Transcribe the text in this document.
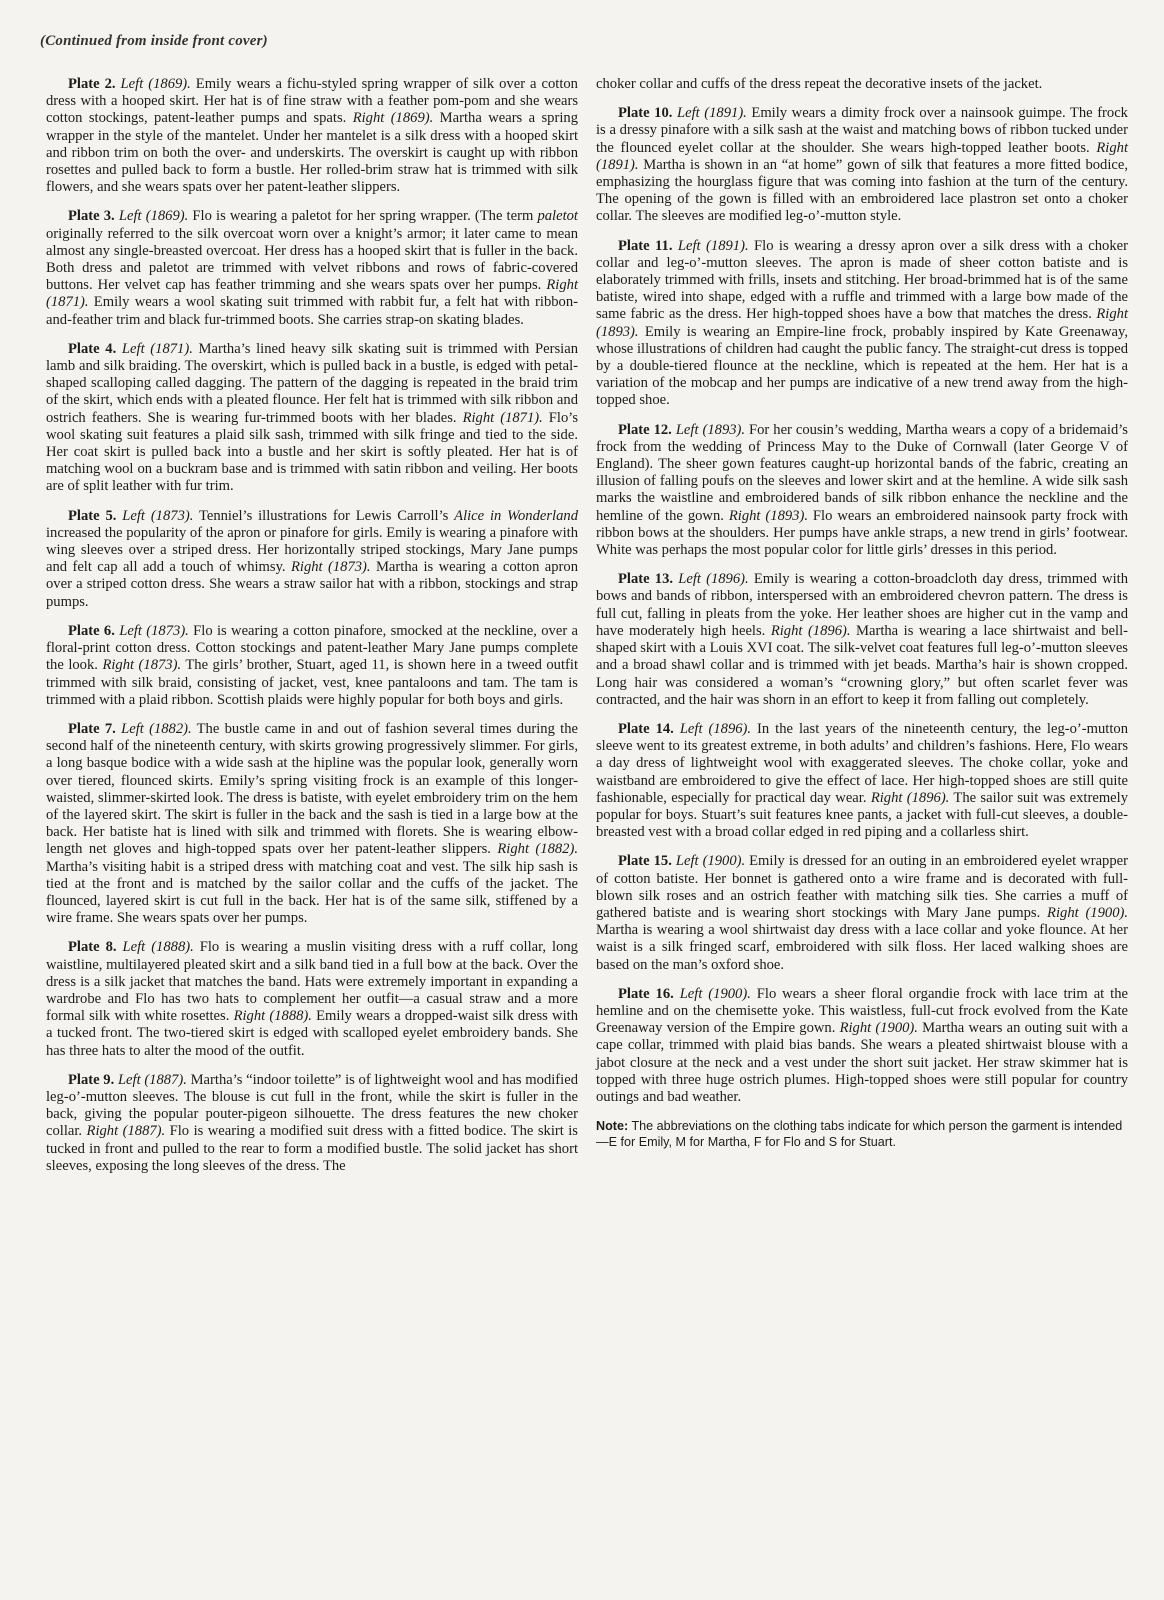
(Continued from inside front cover)

Plate 2. Left (1869). Emily wears a fichu-styled spring wrapper of silk over a cotton dress with a hooped skirt. Her hat is of fine straw with a feather pom-pom and she wears cotton stockings, patent-leather pumps and spats. Right (1869). Martha wears a spring wrapper in the style of the mantelet. Under her mantelet is a silk dress with a hooped skirt and ribbon trim on both the over- and underskirts. The overskirt is caught up with ribbon rosettes and pulled back to form a bustle. Her rolled-brim straw hat is trimmed with silk flowers, and she wears spats over her patent-leather slippers.

Plate 3. Left (1869). Flo is wearing a paletot for her spring wrapper. (The term paletot originally referred to the silk overcoat worn over a knight’s armor; it later came to mean almost any single-breasted overcoat. Her dress has a hooped skirt that is fuller in the back. Both dress and paletot are trimmed with velvet ribbons and rows of fabric-covered buttons. Her velvet cap has feather trimming and she wears spats over her pumps. Right (1871). Emily wears a wool skating suit trimmed with rabbit fur, a felt hat with ribbon-and-feather trim and black fur-trimmed boots. She carries strap-on skating blades.

Plate 4. Left (1871). Martha’s lined heavy silk skating suit is trimmed with Persian lamb and silk braiding. The overskirt, which is pulled back in a bustle, is edged with petal-shaped scalloping called dagging. The pattern of the dagging is repeated in the braid trim of the skirt, which ends with a pleated flounce. Her felt hat is trimmed with silk ribbon and ostrich feathers. She is wearing fur-trimmed boots with her blades. Right (1871). Flo’s wool skating suit features a plaid silk sash, trimmed with silk fringe and tied to the side. Her coat skirt is pulled back into a bustle and her skirt is softly pleated. Her hat is of matching wool on a buckram base and is trimmed with satin ribbon and veiling. Her boots are of split leather with fur trim.

Plate 5. Left (1873). Tenniel’s illustrations for Lewis Carroll’s Alice in Wonderland increased the popularity of the apron or pinafore for girls. Emily is wearing a pinafore with wing sleeves over a striped dress. Her horizontally striped stockings, Mary Jane pumps and felt cap all add a touch of whimsy. Right (1873). Martha is wearing a cotton apron over a striped cotton dress. She wears a straw sailor hat with a ribbon, stockings and strap pumps.

Plate 6. Left (1873). Flo is wearing a cotton pinafore, smocked at the neckline, over a floral-print cotton dress. Cotton stockings and patent-leather Mary Jane pumps complete the look. Right (1873). The girls’ brother, Stuart, aged 11, is shown here in a tweed outfit trimmed with silk braid, consisting of jacket, vest, knee pantaloons and tam. The tam is trimmed with a plaid ribbon. Scottish plaids were highly popular for both boys and girls.

Plate 7. Left (1882). The bustle came in and out of fashion several times during the second half of the nineteenth century, with skirts growing progressively slimmer. For girls, a long basque bodice with a wide sash at the hipline was the popular look, generally worn over tiered, flounced skirts. Emily’s spring visiting frock is an example of this longer-waisted, slimmer-skirted look. The dress is batiste, with eyelet embroidery trim on the hem of the layered skirt. The skirt is fuller in the back and the sash is tied in a large bow at the back. Her batiste hat is lined with silk and trimmed with florets. She is wearing elbow-length net gloves and high-topped spats over her patent-leather slippers. Right (1882). Martha’s visiting habit is a striped dress with matching coat and vest. The silk hip sash is tied at the front and is matched by the sailor collar and the cuffs of the jacket. The flounced, layered skirt is cut full in the back. Her hat is of the same silk, stiffened by a wire frame. She wears spats over her pumps.

Plate 8. Left (1888). Flo is wearing a muslin visiting dress with a ruff collar, long waistline, multilayered pleated skirt and a silk band tied in a full bow at the back. Over the dress is a silk jacket that matches the band. Hats were extremely important in expanding a wardrobe and Flo has two hats to complement her outfit—a casual straw and a more formal silk with white rosettes. Right (1888). Emily wears a dropped-waist silk dress with a tucked front. The two-tiered skirt is edged with scalloped eyelet embroidery bands. She has three hats to alter the mood of the outfit.

Plate 9. Left (1887). Martha’s “indoor toilette” is of lightweight wool and has modified leg-o’-mutton sleeves. The blouse is cut full in the front, while the skirt is fuller in the back, giving the popular pouter-pigeon silhouette. The dress features the new choker collar. Right (1887). Flo is wearing a modified suit dress with a fitted bodice. The skirt is tucked in front and pulled to the rear to form a modified bustle. The solid jacket has short sleeves, exposing the long sleeves of the dress. The

choker collar and cuffs of the dress repeat the decorative insets of the jacket.

Plate 10. Left (1891). Emily wears a dimity frock over a nainsook guimpe. The frock is a dressy pinafore with a silk sash at the waist and matching bows of ribbon tucked under the flounced eyelet collar at the shoulder. She wears high-topped leather boots. Right (1891). Martha is shown in an “at home” gown of silk that features a more fitted bodice, emphasizing the hourglass figure that was coming into fashion at the turn of the century. The opening of the gown is filled with an embroidered lace plastron set onto a choker collar. The sleeves are modified leg-o’-mutton style.

Plate 11. Left (1891). Flo is wearing a dressy apron over a silk dress with a choker collar and leg-o’-mutton sleeves. The apron is made of sheer cotton batiste and is elaborately trimmed with frills, insets and stitching. Her broad-brimmed hat is of the same batiste, wired into shape, edged with a ruffle and trimmed with a large bow made of the same fabric as the dress. Her high-topped shoes have a bow that matches the dress. Right (1893). Emily is wearing an Empire-line frock, probably inspired by Kate Greenaway, whose illustrations of children had caught the public fancy. The straight-cut dress is topped by a double-tiered flounce at the neckline, which is repeated at the hem. Her hat is a variation of the mobcap and her pumps are indicative of a new trend away from the high-topped shoe.

Plate 12. Left (1893). For her cousin’s wedding, Martha wears a copy of a bridemaid’s frock from the wedding of Princess May to the Duke of Cornwall (later George V of England). The sheer gown features caught-up horizontal bands of the fabric, creating an illusion of falling poufs on the sleeves and lower skirt and at the hemline. A wide silk sash marks the waistline and embroidered bands of silk ribbon enhance the neckline and the hemline of the gown. Right (1893). Flo wears an embroidered nainsook party frock with ribbon bows at the shoulders. Her pumps have ankle straps, a new trend in girls’ footwear. White was perhaps the most popular color for little girls’ dresses in this period.

Plate 13. Left (1896). Emily is wearing a cotton-broadcloth day dress, trimmed with bows and bands of ribbon, interspersed with an embroidered chevron pattern. The dress is full cut, falling in pleats from the yoke. Her leather shoes are higher cut in the vamp and have moderately high heels. Right (1896). Martha is wearing a lace shirtwaist and bell-shaped skirt with a Louis XVI coat. The silk-velvet coat features full leg-o’-mutton sleeves and a broad shawl collar and is trimmed with jet beads. Martha’s hair is shown cropped. Long hair was considered a woman’s “crowning glory,” but often scarlet fever was contracted, and the hair was shorn in an effort to keep it from falling out completely.

Plate 14. Left (1896). In the last years of the nineteenth century, the leg-o’-mutton sleeve went to its greatest extreme, in both adults’ and children’s fashions. Here, Flo wears a day dress of lightweight wool with exaggerated sleeves. The choke collar, yoke and waistband are embroidered to give the effect of lace. Her high-topped shoes are still quite fashionable, especially for practical day wear. Right (1896). The sailor suit was extremely popular for boys. Stuart’s suit features knee pants, a jacket with full-cut sleeves, a double-breasted vest with a broad collar edged in red piping and a collarless shirt.

Plate 15. Left (1900). Emily is dressed for an outing in an embroidered eyelet wrapper of cotton batiste. Her bonnet is gathered onto a wire frame and is decorated with full-blown silk roses and an ostrich feather with matching silk ties. She carries a muff of gathered batiste and is wearing short stockings with Mary Jane pumps. Right (1900). Martha is wearing a wool shirtwaist day dress with a lace collar and yoke flounce. At her waist is a silk fringed scarf, embroidered with silk floss. Her laced walking shoes are based on the man’s oxford shoe.

Plate 16. Left (1900). Flo wears a sheer floral organdie frock with lace trim at the hemline and on the chemisette yoke. This waistless, full-cut frock evolved from the Kate Greenaway version of the Empire gown. Right (1900). Martha wears an outing suit with a cape collar, trimmed with plaid bias bands. She wears a pleated shirtwaist blouse with a jabot closure at the neck and a vest under the short suit jacket. Her straw skimmer hat is topped with three huge ostrich plumes. High-topped shoes were still popular for country outings and bad weather.

Note: The abbreviations on the clothing tabs indicate for which person the garment is intended—E for Emily, M for Martha, F for Flo and S for Stuart.
